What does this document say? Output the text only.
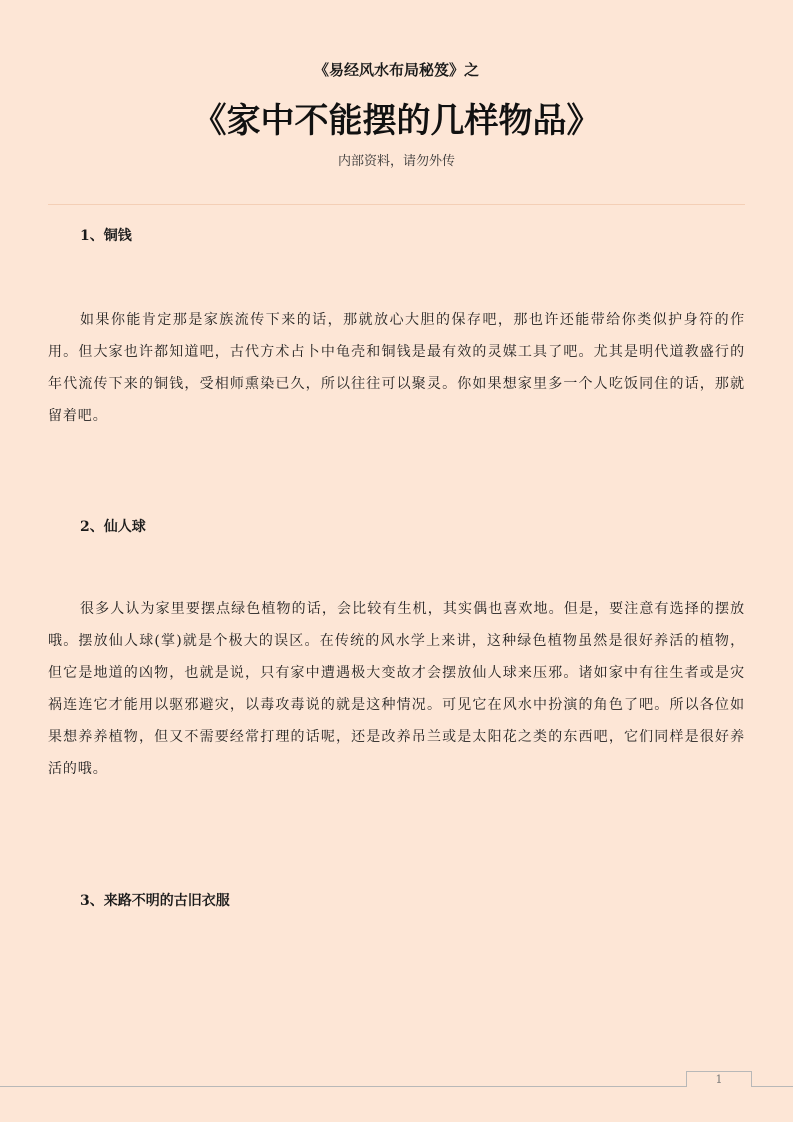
《易经风水布局秘笈》之
《家中不能摆的几样物品》
内部资料，请勿外传
1、铜钱

如果你能肯定那是家族流传下来的话，那就放心大胆的保存吧，那也许还能带给你类似护身符的作用。但大家也许都知道吧，古代方术占卜中龟壳和铜钱是最有效的灵媒工具了吧。尤其是明代道教盛行的年代流传下来的铜钱，受相师熏染已久，所以往往可以聚灵。你如果想家里多一个人吃饭同住的话，那就留着吧。

2、仙人球

很多人认为家里要摆点绿色植物的话，会比较有生机，其实偶也喜欢地。但是，要注意有选择的摆放哦。摆放仙人球(掌)就是个极大的误区。在传统的风水学上来讲，这种绿色植物虽然是很好养活的植物，但它是地道的凶物，也就是说，只有家中遭遇极大变故才会摆放仙人球来压邪。诸如家中有往生者或是灾祸连连它才能用以驱邪避灾，以毒攻毒说的就是这种情况。可见它在风水中扮演的角色了吧。所以各位如果想养养植物，但又不需要经常打理的话呢，还是改养吊兰或是太阳花之类的东西吧，它们同样是很好养活的哦。

3、来路不明的古旧衣服
1
